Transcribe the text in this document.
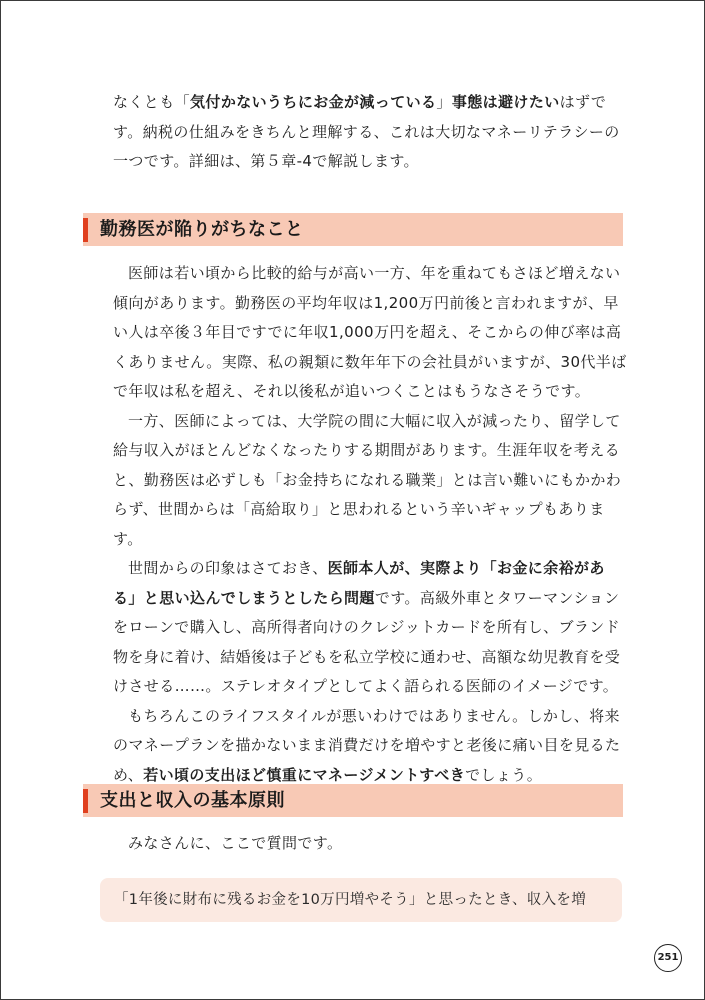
なくとも「気付かないうちにお金が減っている」事態は避けたいはずです。納税の仕組みをきちんと理解する、これは大切なマネーリテラシーの一つです。詳細は、第５章-4で解説します。

勤務医が陥りがちなこと

医師は若い頃から比較的給与が高い一方、年を重ねてもさほど増えない傾向があります。勤務医の平均年収は1,200万円前後と言われますが、早い人は卒後３年目ですでに年収1,000万円を超え、そこからの伸び率は高くありません。実際、私の親類に数年年下の会社員がいますが、30代半ばで年収は私を超え、それ以後私が追いつくことはもうなさそうです。

一方、医師によっては、大学院の間に大幅に収入が減ったり、留学して給与収入がほとんどなくなったりする期間があります。生涯年収を考えると、勤務医は必ずしも「お金持ちになれる職業」とは言い難いにもかかわらず、世間からは「高給取り」と思われるという辛いギャップもあります。

世間からの印象はさておき、医師本人が、実際より「お金に余裕がある」と思い込んでしまうとしたら問題です。高級外車とタワーマンションをローンで購入し、高所得者向けのクレジットカードを所有し、ブランド物を身に着け、結婚後は子どもを私立学校に通わせ、高額な幼児教育を受けさせる……。ステレオタイプとしてよく語られる医師のイメージです。

もちろんこのライフスタイルが悪いわけではありません。しかし、将来のマネープランを描かないまま消費だけを増やすと老後に痛い目を見るため、若い頃の支出ほど慎重にマネージメントすべきでしょう。

支出と収入の基本原則

みなさんに、ここで質問です。

「1年後に財布に残るお金を10万円増やそう」と思ったとき、収入を増
251
